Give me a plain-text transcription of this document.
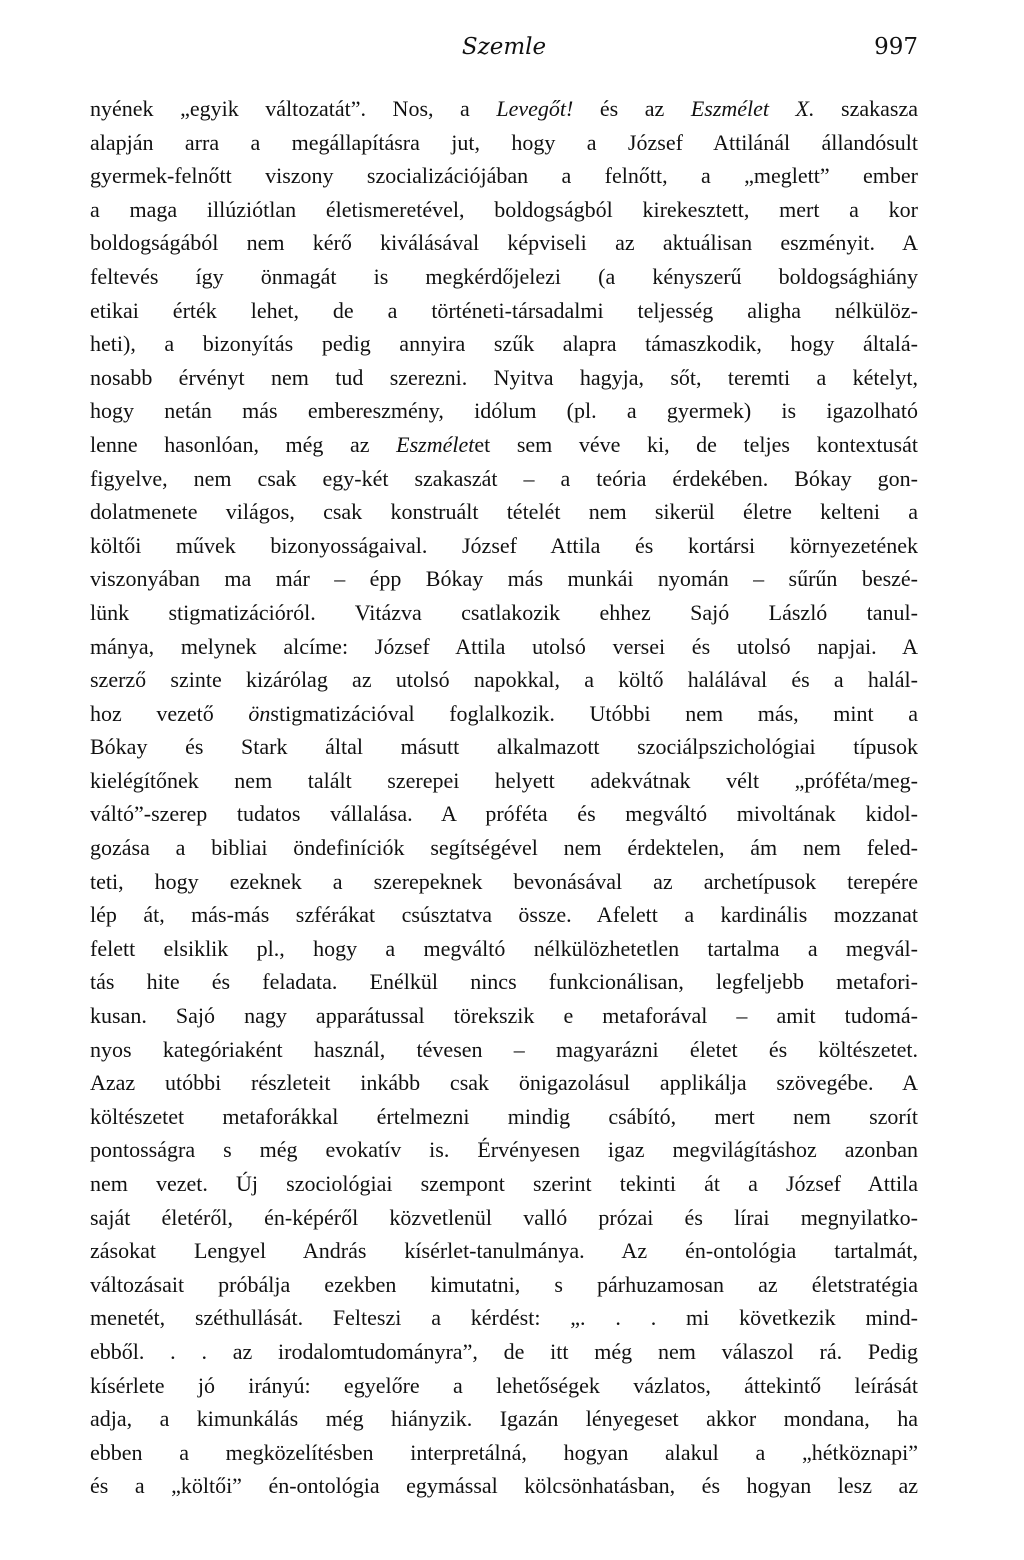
Szemle	997
nyének „egyik változatát”. Nos, a Levegőt! és az Eszmélet X. szakasza
alapján arra a megállapításra jut, hogy a József Attilánál állandósult
gyermek-felnőtt viszony szocializációjában a felnőtt, a „meglett” ember
a maga illúziótlan életismeretével, boldogságból kirekesztett, mert a kor
boldogságából nem kérő kiválásával képviseli az aktuálisan eszményit. A
feltevés így önmagát is megkérdőjelezi (a kényszerű boldogsághiány
etikai érték lehet, de a történeti-társadalmi teljesség aligha nélkülöz-
heti), a bizonyítás pedig annyira szűk alapra támaszkodik, hogy általá-
nosabb érvényt nem tud szerezni. Nyitva hagyja, sőt, teremti a kételyt,
hogy netán más embereszmény, idólum (pl. a gyermek) is igazolható
lenne hasonlóan, még az Eszméletet sem véve ki, de teljes kontextusát
figyelve, nem csak egy-két szakaszát – a teória érdekében. Bókay gon-
dolatmenete világos, csak konstruált tételét nem sikerül életre kelteni a
költői művek bizonyosságaival. József Attila és kortársi környezetének
viszonyában ma már – épp Bókay más munkái nyomán – sűrűn beszé-
lünk stigmatizációról. Vitázva csatlakozik ehhez Sajó László tanul-
mánya, melynek alcíme: József Attila utolsó versei és utolsó napjai. A
szerző szinte kizárólag az utolsó napokkal, a költő halálával és a halál-
hoz vezető önstigmatizációval foglalkozik. Utóbbi nem más, mint a
Bókay és Stark által másutt alkalmazott szociálpszichológiai típusok
kielégítőnek nem talált szerepei helyett adekvátnak vélt „próféta/meg-
váltó”-szerep tudatos vállalása. A próféta és megváltó mivoltának kidol-
gozása a bibliai öndefiníciók segítségével nem érdektelen, ám nem feled-
teti, hogy ezeknek a szerepeknek bevonásával az archetípusok terepére
lép át, más-más szférákat csúsztatva össze. Afelett a kardinális mozzanat
felett elsiklik pl., hogy a megváltó nélkülözhetetlen tartalma a megvál-
tás hite és feladata. Enélkül nincs funkcionálisan, legfeljebb metafori-
kusan. Sajó nagy apparátussal törekszik e metaforával – amit tudomá-
nyos kategóriaként használ, tévesen – magyarázni életet és költészetet.
Azaz utóbbi részleteit inkább csak önigazolásul applikálja szövegébe. A
költészetet metaforákkal értelmezni mindig csábító, mert nem szorít
pontosságra s még evokatív is. Érvényesen igaz megvilágításhoz azonban
nem vezet. Új szociológiai szempont szerint tekinti át a József Attila
saját életéről, én-képéről közvetlenül valló prózai és lírai megnyilatko-
zásokat Lengyel András kísérlet-tanulmánya. Az én-ontológia tartalmát,
változásait próbálja ezekben kimutatni, s párhuzamosan az életstratégia
menetét, széthullását. Felteszi a kérdést: „. . . mi következik mind-
ebből. . . az irodalomtudományra”, de itt még nem válaszol rá. Pedig
kísérlete jó irányú: egyelőre a lehetőségek vázlatos, áttekintő leírását
adja, a kimunkálás még hiányzik. Igazán lényegeset akkor mondana, ha
ebben a megközelítésben interpretálná, hogyan alakul a „hétköznapi”
és a „költői” én-ontológia egymással kölcsönhatásban, és hogyan lesz az
